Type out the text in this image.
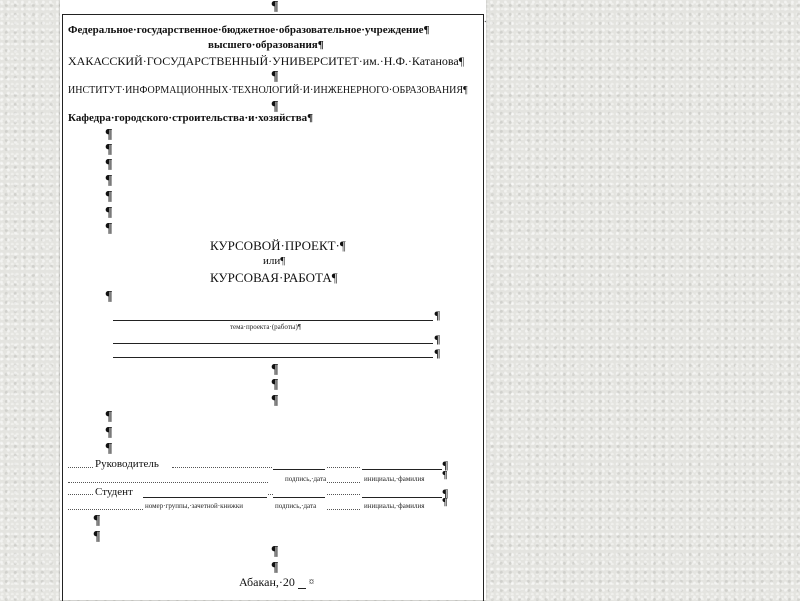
¶
⸱
Федеральное·государственное·бюджетное·образовательное·учреждение¶
высшего·образования¶
ХАКАССКИЙ·ГОСУДАРСТВЕННЫЙ·УНИВЕРСИТЕТ·им.·Н.Ф.·Катанова¶
¶
ИНСТИТУТ·ИНФОРМАЦИОННЫХ·ТЕХНОЛОГИЙ·И·ИНЖЕНЕРНОГО·ОБРАЗОВАНИЯ¶
¶
Кафедра·городского·строительства·и·хозяйства¶
¶
¶
¶
¶
¶
¶
¶
КУРСОВОЙ·ПРОЕКТ·¶
или¶
КУРСОВАЯ·РАБОТА¶
¶
¶
тема·проекта·(работы)¶
¶
¶
¶
¶
¶
¶
¶
¶
Руководитель	¶
подпись,·дата	инициалы,·фамилия ¶
Студент	¶
номер·группы,·зачетной·книжки	подпись,·дата	инициалы,·фамилия ¶
¶
¶
¶
¶
Абакан,·20 ¤
